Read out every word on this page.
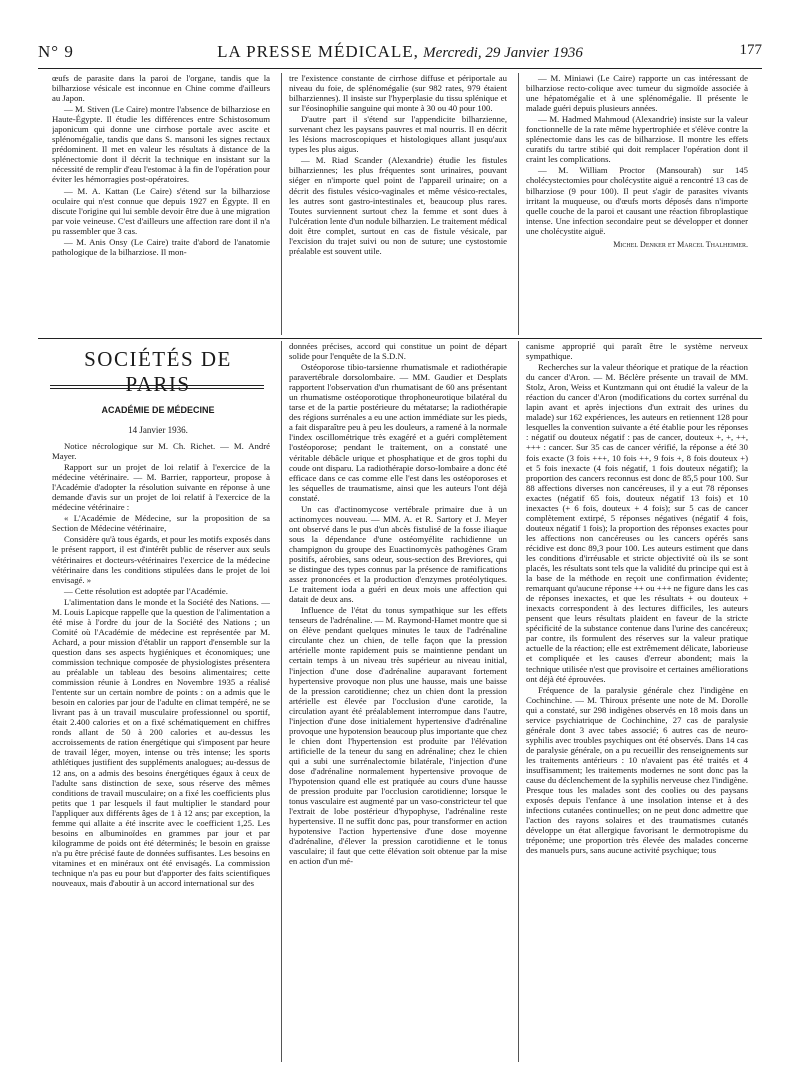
N° 9	LA PRESSE MÉDICALE, Mercredi, 29 Janvier 1936	177

œufs de parasite dans la paroi de l'organe, tandis que la bilharziose vésicale est inconnue en Chine comme d'ailleurs au Japon.

— M. Stiven (Le Caire) montre l'absence de bilharziose en Haute-Égypte. Il étudie les différences entre Schistosomum japonicum qui donne une cirrhose portale avec ascite et splénomégalie, tandis que dans S. mansoni les signes rectaux prédominent. Il met en valeur les résultats à distance de la splénectomie dont il décrit la technique en insistant sur la nécessité de remplir d'eau l'estomac à la fin de l'opération pour éviter les hémorragies post-opératoires.

— M. A. Kattan (Le Caire) s'étend sur la bilharziose oculaire qui n'est connue que depuis 1927 en Égypte. Il en discute l'origine qui lui semble devoir être due à une migration par voie veineuse. C'est d'ailleurs une affection rare dont il n'a pu rassembler que 3 cas.

— M. Anis Onsy (Le Caire) traite d'abord de l'anatomie pathologique de la bilharziose. Il mon-

tre l'existence constante de cirrhose diffuse et périportale au niveau du foie, de splénomégalie (sur 982 rates, 979 étaient bilharziennes). Il insiste sur l'hyperplasie du tissu splénique et sur l'éosinophilie sanguine qui monte à 30 ou 40 pour 100.

D'autre part il s'étend sur l'appendicite bilharzienne, survenant chez les paysans pauvres et mal nourris. Il en décrit les lésions macroscopiques et histologiques allant jusqu'aux types les plus aigus.

— M. Riad Scander (Alexandrie) étudie les fistules bilharziennes; les plus fréquentes sont urinaires, pouvant siéger en n'importe quel point de l'appareil urinaire; on a décrit des fistules vésico-vaginales et même vésico-rectales, les autres sont gastro-intestinales et, beaucoup plus rares. Toutes surviennent surtout chez la femme et sont dues à l'ulcération lente d'un nodule bilharzien. Le traitement médical doit être complet, surtout en cas de fistule vésicale, par l'excision du trajet suivi ou non de suture; une cystostomie préalable est souvent utile.

— M. Miniawi (Le Caire) rapporte un cas intéressant de bilharziose recto-colique avec tumeur du sigmoïde associée à une hépatomégalie et à une splénomégalie. Il présente le malade guéri depuis plusieurs années.

— M. Hadmed Mahmoud (Alexandrie) insiste sur la valeur fonctionnelle de la rate même hypertrophiée et s'élève contre la splénectomie dans les cas de bilharziose. Il montre les effets curatifs du tartre stibié qui doit remplacer l'opération dont il craint les complications.

— M. William Proctor (Mansourah) sur 145 cholécystectomies pour cholécystite aiguë a rencontré 13 cas de bilharziose (9 pour 100). Il peut s'agir de parasites vivants irritant la muqueuse, ou d'œufs morts déposés dans n'importe quelle couche de la paroi et causant une réaction fibroplastique intense. Une infection secondaire peut se développer et donner une cholécystite aiguë.

Michel Denker et Marcel Thalheimer.
SOCIÉTÉS DE PARIS
ACADÉMIE DE MÉDECINE
14 Janvier 1936.

Notice nécrologique sur M. Ch. Richet. — M. André Mayer.

Rapport sur un projet de loi relatif à l'exercice de la médecine vétérinaire. — M. Barrier, rapporteur, propose à l'Académie d'adopter la résolution suivante en réponse à une demande d'avis sur un projet de loi relatif à l'exercice de la médecine vétérinaire :

« L'Académie de Médecine, sur la proposition de sa Section de Médecine vétérinaire,

Considère qu'à tous égards, et pour les motifs exposés dans le présent rapport, il est d'intérêt public de réserver aux seuls vétérinaires et docteurs-vétérinaires l'exercice de la médecine vétérinaire dans les conditions stipulées dans le projet de loi envisagé. »

— Cette résolution est adoptée par l'Académie.

L'alimentation dans le monde et la Société des Nations. — M. Louis Lapicque rappelle que la question de l'alimentation a été mise à l'ordre du jour de la Société des Nations ; un Comité où l'Académie de médecine est représentée par M. Achard, a pour mission d'établir un rapport d'ensemble sur la question dans ses aspects hygiéniques et économiques; une commission technique composée de physiologistes présentera au préalable un tableau des besoins alimentaires; cette commission réunie à Londres en Novembre 1935 a réalisé l'entente sur un certain nombre de points : on a admis que le besoin en calories par jour de l'adulte en climat tempéré, ne se livrant pas à un travail musculaire professionnel ou sportif, était 2.400 calories et on a fixé schématiquement en chiffres ronds allant de 50 à 200 calories et au-dessus les accroissements de ration énergétique qui s'imposent par heure de travail léger, moyen, intense ou très intense; les sports athlétiques justifient des suppléments analogues; au-dessus de 12 ans, on a admis des besoins énergétiques égaux à ceux de l'adulte sans distinction de sexe, sous réserve des mêmes conditions de travail musculaire; on a fixé les coefficients plus petits que 1 par lesquels il faut multiplier le standard pour l'appliquer aux différents âges de 1 à 12 ans; par exception, la femme qui allaite a été inscrite avec le coefficient 1,25. Les besoins en albuminoïdes en grammes par jour et par kilogramme de poids ont été déterminés; le besoin en graisse n'a pu être précisé faute de données suffisantes. Les besoins en vitamines et en minéraux ont été envisagés. La commission technique n'a pas eu pour but d'apporter des faits scientifiques nouveaux, mais d'aboutir à un accord international sur des

données précises, accord qui constitue un point de départ solide pour l'enquête de la S.D.N.

Ostéoporose tibio-tarsienne rhumatismale et radiothérapie paravertébrale dorsolombaire. — MM. Gaudier et Desplats rapportent l'observation d'un rhumatisant de 60 ans présentant un rhumatisme ostéoporotique throphoneurotique bilatéral du tarse et de la partie postérieure du métatarse; la radiothérapie des régions surrénales a eu une action immédiate sur les pieds, a fait disparaître peu à peu les douleurs, a ramené à la normale l'index oscillométrique très exagéré et a guéri complètement l'ostéoporose; pendant le traitement, on a constaté une véritable débâcle urique et phosphatique et de gros tophi du coude ont disparu. La radiothérapie dorso-lombaire a donc été efficace dans ce cas comme elle l'est dans les ostéoporoses et les séquelles de traumatisme, ainsi que les auteurs l'ont déjà constaté.

Un cas d'actinomycose vertébrale primaire due à un actinomyces nouveau. — MM. A. et R. Sartory et J. Meyer ont observé dans le pus d'un abcès fistulisé de la fosse iliaque sous la dépendance d'une ostéomyélite rachidienne un champignon du groupe des Euactinomycès pathogènes Gram positifs, aérobies, sans odeur, sous-section des Breviores, qui se distingue des types connus par la présence de ramifications assez prononcées et la production d'enzymes protéolytiques. Le traitement ioda a guéri en deux mois une affection qui datait de deux ans.

Influence de l'état du tonus sympathique sur les effets tenseurs de l'adrénaline. — M. Raymond-Hamet montre que si on élève pendant quelques minutes le taux de l'adrénaline circulante chez un chien, de telle façon que la pression artérielle monte rapidement puis se maintienne pendant un certain temps à un niveau très supérieur au niveau initial, l'injection d'une dose d'adrénaline auparavant fortement hypertensive provoque non plus une hausse, mais une baisse de la pression carotidienne; chez un chien dont la pression artérielle est élevée par l'occlusion d'une carotide, la circulation ayant été préalablement interrompue dans l'autre, l'injection d'une dose initialement hypertensive d'adrénaline provoque une hypotension beaucoup plus importante que chez le chien dont l'hypertension est produite par l'élévation artificielle de la teneur du sang en adrénaline; chez le chien qui a subi une surrénalectomie bilatérale, l'injection d'une dose d'adrénaline normalement hypertensive provoque de l'hypotension quand elle est pratiquée au cours d'une hausse de pression produite par l'occlusion carotidienne; lorsque le tonus vasculaire est augmenté par un vaso-constricteur tel que l'extrait de lobe postérieur d'hypophyse, l'adrénaline reste hypertensive. Il ne suffit donc pas, pour transformer en action hypotensive l'action hypertensive d'une dose moyenne d'adrénaline, d'élever la pression carotidienne et le tonus vasculaire; il faut que cette élévation soit obtenue par la mise en action d'un mé-

canisme approprié qui paraît être le système nerveux sympathique.

Recherches sur la valeur théorique et pratique de la réaction du cancer d'Aron. — M. Béclère présente un travail de MM. Stolz, Aron, Weiss et Kuntzmann qui ont étudié la valeur de la réaction du cancer d'Aron (modifications du cortex surrénal du lapin avant et après injections d'un extrait des urines du malade) sur 162 expériences, les auteurs en retiennent 128 pour lesquelles la convention suivante a été établie pour les réponses : négatif ou douteux négatif : pas de cancer, douteux +, +, ++, +++ : cancer. Sur 35 cas de cancer vérifié, la réponse a été 30 fois exacte (3 fois +++, 10 fois ++, 9 fois +, 8 fois douteux +) et 5 fois inexacte (4 fois négatif, 1 fois douteux négatif); la proportion des cancers reconnus est donc de 85,5 pour 100. Sur 88 affections diverses non cancéreuses, il y a eut 78 réponses exactes (négatif 65 fois, douteux négatif 13 fois) et 10 inexactes (+ 6 fois, douteux + 4 fois); sur 5 cas de cancer complètement extirpé, 5 réponses négatives (négatif 4 fois, douteux négatif 1 fois); la proportion des réponses exactes pour les affections non cancéreuses ou les cancers opérés sans récidive est donc 89,3 pour 100. Les auteurs estiment que dans les conditions d'irréusable et stricte objectivité où ils se sont placés, les résultats sont tels que la validité du principe qui est à la base de la méthode en reçoit une confirmation évidente; remarquant qu'aucune réponse ++ ou +++ ne figure dans les cas de réponses inexactes, et que les résultats + ou douteux + inexacts correspondent à des lectures difficiles, les auteurs pensent que leurs résultats plaident en faveur de la stricte spécificité de la substance contenue dans l'urine des cancéreux; par contre, ils formulent des réserves sur la valeur pratique actuelle de la réaction; elle est extrêmement délicate, laborieuse et compliquée et les causes d'erreur abondent; mais la technique utilisée n'est que provisoire et certaines améliorations ont déjà été éprouvées.

Fréquence de la paralysie générale chez l'indigène en Cochinchine. — M. Thiroux présente une note de M. Dorolle qui a constaté, sur 298 indigènes observés en 18 mois dans un service psychiatrique de Cochinchine, 27 cas de paralysie générale dont 3 avec tabes associé; 6 autres cas de neuro-syphilis avec troubles psychiques ont été observés. Dans 14 cas de paralysie générale, on a pu recueillir des renseignements sur les traitements antérieurs : 10 n'avaient pas été traités et 4 insuffisamment; les traitements modernes ne sont donc pas la cause du déclenchement de la syphilis nerveuse chez l'indigène. Presque tous les malades sont des coolies ou des paysans exposés depuis l'enfance à une insolation intense et à des infections cutanées continuelles; on ne peut donc admettre que l'action des rayons solaires et des traumatismes cutanés développe un état allergique favorisant le dermotropisme du tréponème; une proportion très élevée des malades concerne des manuels purs, sans aucune activité psychique; tous
